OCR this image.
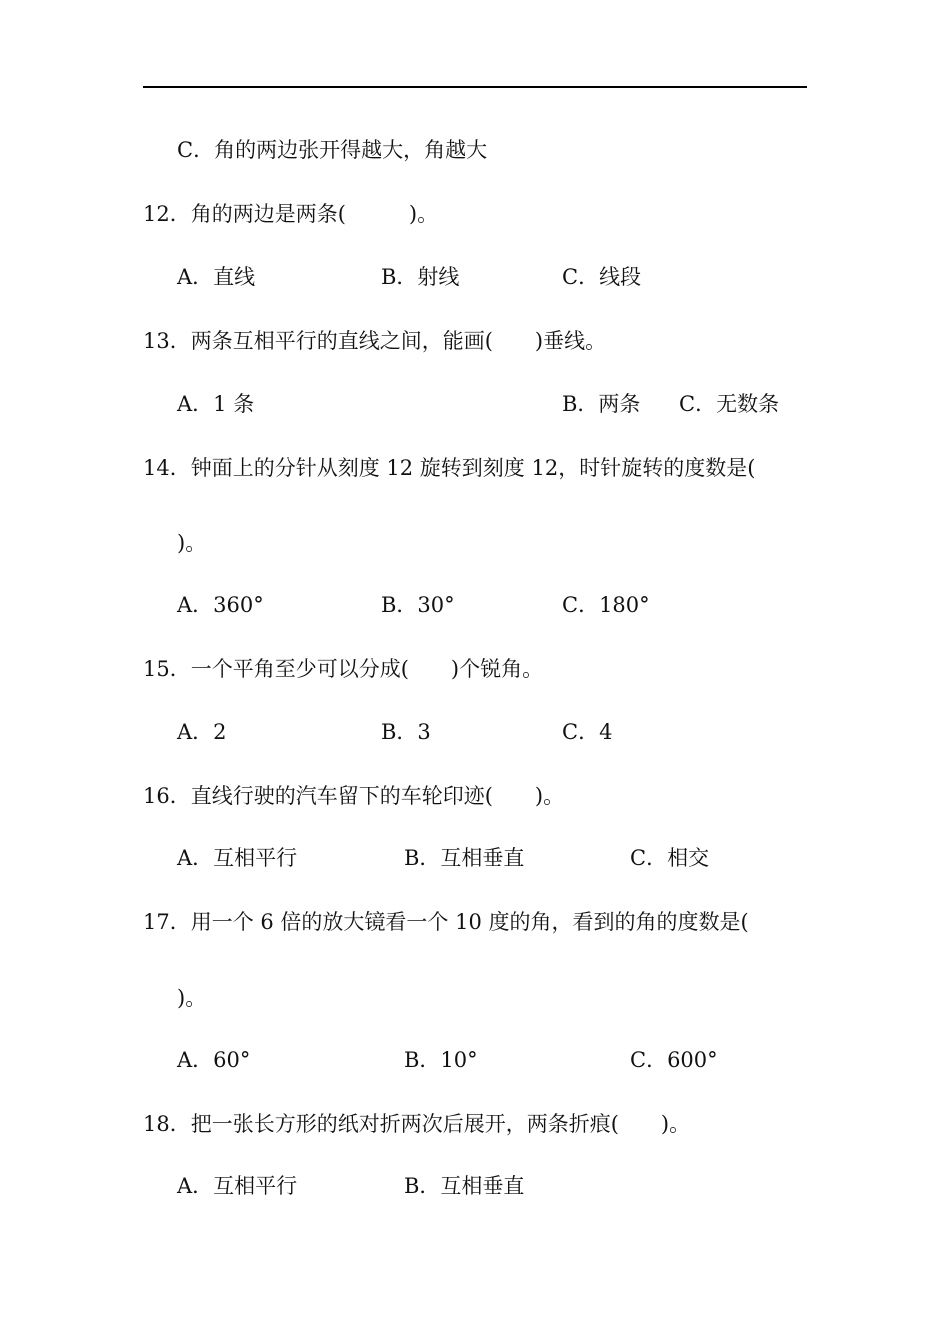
C．角的两边张开得越大，角越大
12．角的两边是两条(　　　)。
A．直线	B．射线	C．线段
13．两条互相平行的直线之间，能画(　　)垂线。
A．1 条	B．两条 C．无数条
14．钟面上的分针从刻度 12 旋转到刻度 12，时针旋转的度数是(
)。
A．360°	B．30°	C．180°
15．一个平角至少可以分成(　　)个锐角。
A．2	B．3	C．4
16．直线行驶的汽车留下的车轮印迹(　　)。
A．互相平行	B．互相垂直	C．相交
17．用一个 6 倍的放大镜看一个 10 度的角，看到的角的度数是(
)。
A．60°	B．10°	C．600°
18．把一张长方形的纸对折两次后展开，两条折痕(　　)。
A．互相平行	B．互相垂直
